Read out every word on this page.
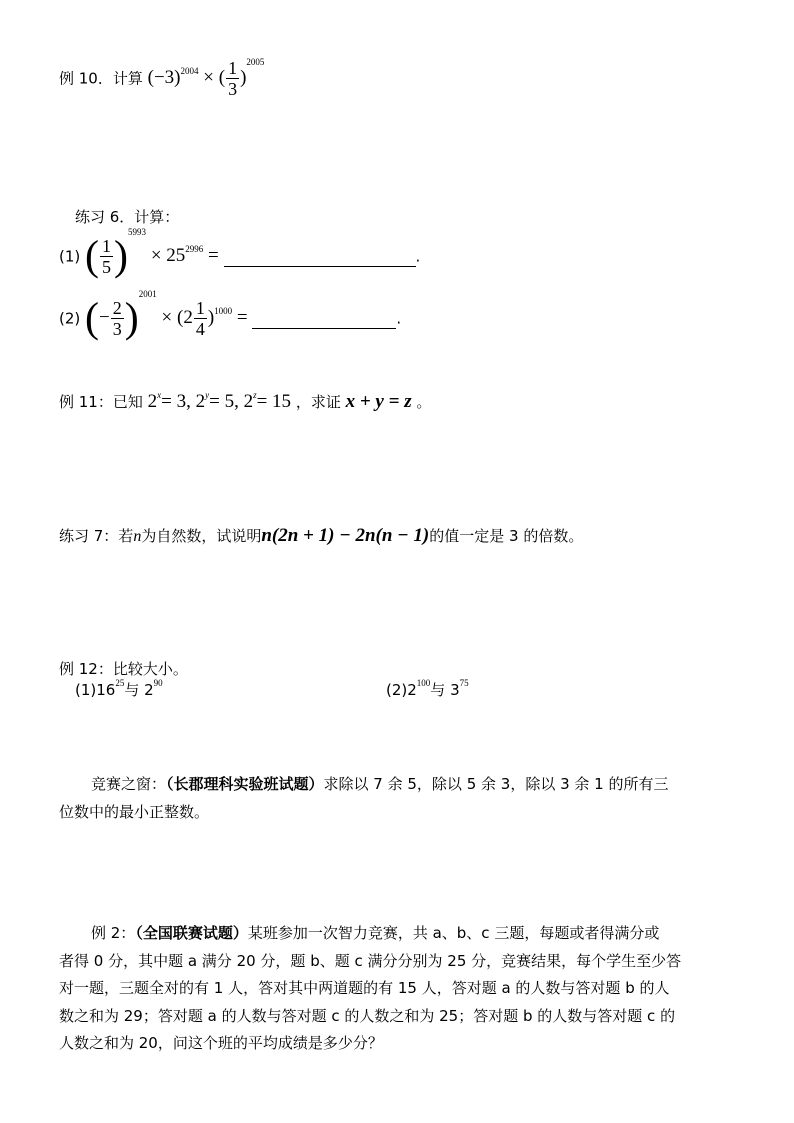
例 10．计算 $(-3)^{2004}$ × ( $\frac{1}{3} )^{2005}$
练习 6．计算：
(1) ( $\frac{1}{5} )^{5993} \times 25^{2996}$ =	.
(2) (− $\frac{2}{3} )^{2001} \times (2 \frac{1}{4} )^{1000}$ =	.
例 11：已知 $2^x= 3$, $2^y= 5$, $2^z= 15$ ，求证 x + y = z 。
练习 7：若n为自然数，试说明n(2n + 1) − 2n(n − 1)的值一定是 3 的倍数。
例 12：比较大小。
$(1)16^{25}$与 $2^{90}$	$(2)2^{100}$与 $3^{75}$
竞赛之窗：（长郡理科实验班试题）求除以 7 余 5，除以 5 余 3，除以 3 余 1 的所有三
位数中的最小正整数。
例 2：（全国联赛试题）某班参加一次智力竞赛，共 a、b、c 三题，每题或者得满分或
者得 0 分，其中题 a 满分 20 分，题 b、题 c 满分分别为 25 分，竞赛结果，每个学生至少答
对一题，三题全对的有 1 人，答对其中两道题的有 15 人，答对题 a 的人数与答对题 b 的人
数之和为 29；答对题 a 的人数与答对题 c 的人数之和为 25；答对题 b 的人数与答对题 c 的
人数之和为 20，问这个班的平均成绩是多少分？
